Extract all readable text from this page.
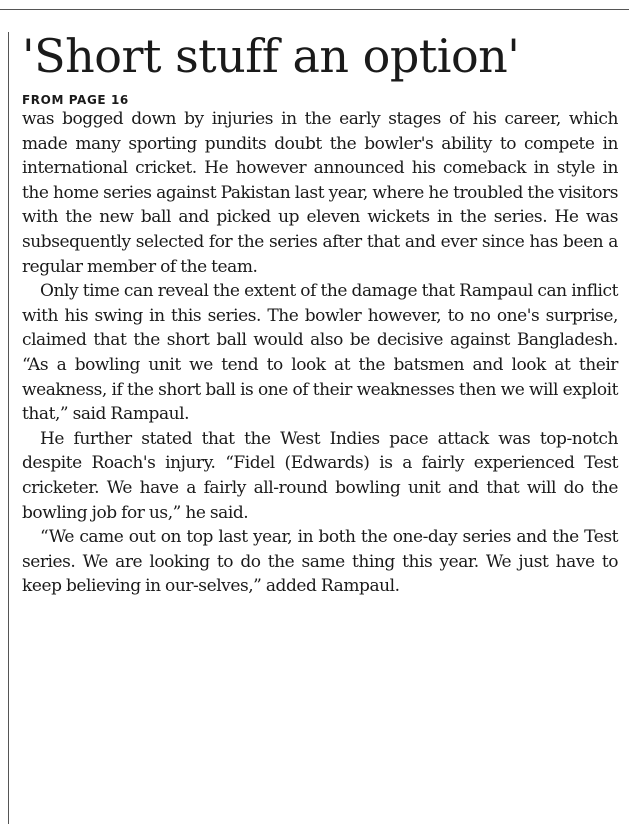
'Short stuff an option'
FROM PAGE 16

was bogged down by injuries in the early stages of his career, which made many sporting pundits doubt the bowler's ability to compete in international cricket. He however announced his comeback in style in the home series against Pakistan last year, where he troubled the visitors with the new ball and picked up eleven wickets in the series. He was subsequently selected for the series after that and ever since has been a regular member of the team.

Only time can reveal the extent of the damage that Rampaul can inflict with his swing in this series. The bowler however, to no one's surprise, claimed that the short ball would also be decisive against Bangladesh. “As a bowling unit we tend to look at the batsmen and look at their weakness, if the short ball is one of their weaknesses then we will exploit that,” said Rampaul.

He further stated that the West Indies pace attack was top-notch despite Roach's injury. “Fidel (Edwards) is a fairly experienced Test cricketer. We have a fairly all-round bowling unit and that will do the bowling job for us,” he said.

“We came out on top last year, in both the one-day series and the Test series. We are looking to do the same thing this year. We just have to keep believing in our-selves,” added Rampaul.
